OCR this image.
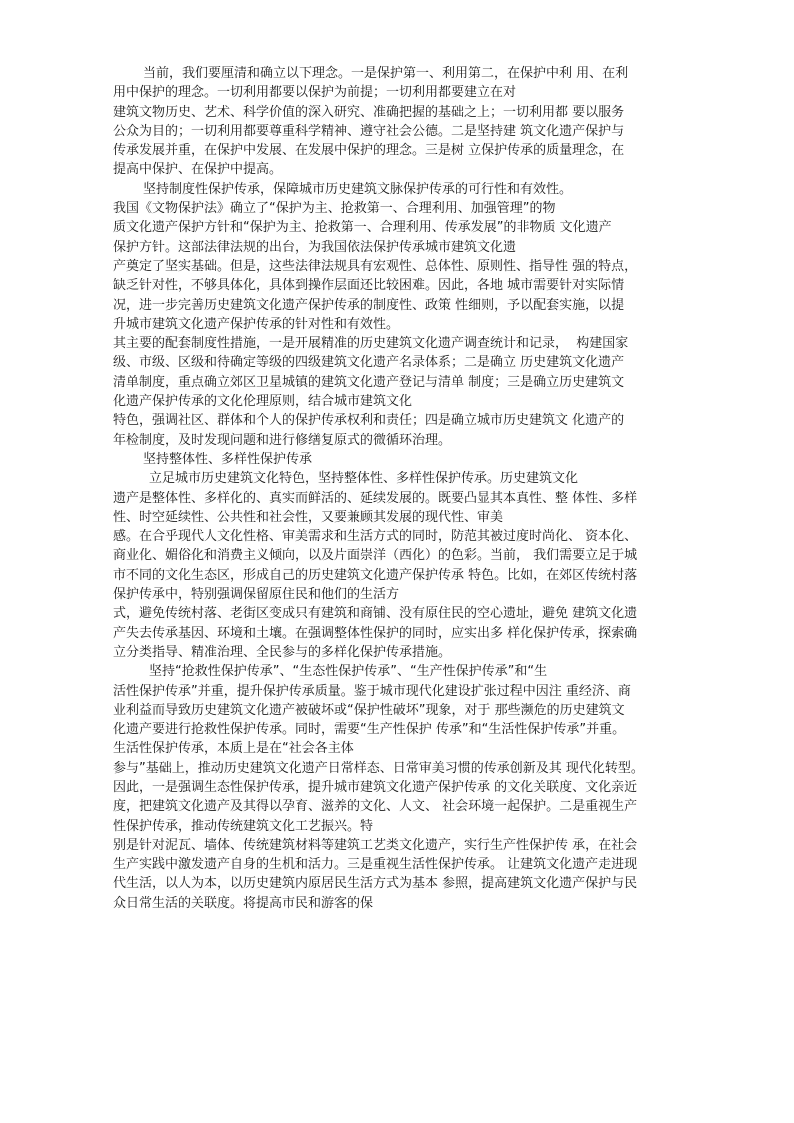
当前，我们要厘清和确立以下理念。一是保护第一、利用第二，在保护中利 用、在利
用中保护的理念。一切利用都要以保护为前提；一切利用都要建立在对
建筑文物历史、艺术、科学价值的深入研究、准确把握的基础之上；一切利用都 要以服务
公众为目的；一切利用都要尊重科学精神、遵守社会公德。二是坚持建 筑文化遗产保护与
传承发展并重，在保护中发展、在发展中保护的理念。三是树 立保护传承的质量理念，在
提高中保护、在保护中提高。
坚持制度性保护传承，保障城市历史建筑文脉保护传承的可行性和有效性。
我国《文物保护法》确立了“保护为主、抢救第一、合理利用、加强管理”的物
质文化遗产保护方针和“保护为主、抢救第一、合理利用、传承发展”的非物质 文化遗产
保护方针。这部法律法规的出台，为我国依法保护传承城市建筑文化遗
产奠定了坚实基础。但是，这些法律法规具有宏观性、总体性、原则性、指导性 强的特点，
缺乏针对性，不够具体化，具体到操作层面还比较困难。因此，各地 城市需要针对实际情
况，进一步完善历史建筑文化遗产保护传承的制度性、政策 性细则，予以配套实施，以提
升城市建筑文化遗产保护传承的针对性和有效性。
其主要的配套制度性措施，一是开展精准的历史建筑文化遗产调查统计和记录，  构建国家
级、市级、区级和待确定等级的四级建筑文化遗产名录体系；二是确立 历史建筑文化遗产
清单制度，重点确立郊区卫星城镇的建筑文化遗产登记与清单 制度；三是确立历史建筑文
化遗产保护传承的文化伦理原则，结合城市建筑文化
特色，强调社区、群体和个人的保护传承权利和责任；四是确立城市历史建筑文 化遗产的
年检制度，及时发现问题和进行修缮复原式的微循环治理。
坚持整体性、多样性保护传承
立足城市历史建筑文化特色，坚持整体性、多样性保护传承。历史建筑文化
遗产是整体性、多样化的、真实而鲜活的、延续发展的。既要凸显其本真性、整 体性、多样
性、时空延续性、公共性和社会性，又要兼顾其发展的现代性、审美
感。在合乎现代人文化性格、审美需求和生活方式的同时，防范其被过度时尚化、 资本化、
商业化、媚俗化和消费主义倾向，以及片面崇洋（西化）的色彩。当前， 我们需要立足于城
市不同的文化生态区，形成自己的历史建筑文化遗产保护传承 特色。比如，在郊区传统村落
保护传承中，特别强调保留原住民和他们的生活方
式，避免传统村落、老街区变成只有建筑和商铺、没有原住民的空心遗址，避免 建筑文化遗
产失去传承基因、环境和土壤。在强调整体性保护的同时，应实出多 样化保护传承，探索确
立分类指导、精准治理、全民参与的多样化保护传承措施。
坚持“抢救性保护传承”、“生态性保护传承”、“生产性保护传承”和“生
活性保护传承”并重，提升保护传承质量。鉴于城市现代化建设扩张过程中因注 重经济、商
业利益而导致历史建筑文化遗产被破坏或“保护性破坏”现象，对于 那些濒危的历史建筑文
化遗产要进行抢救性保护传承。同时，需要“生产性保护 传承”和“生活性保护传承”并重。
生活性保护传承，本质上是在“社会各主体
参与”基础上，推动历史建筑文化遗产日常样态、日常审美习惯的传承创新及其 现代化转型。
因此，一是强调生态性保护传承，提升城市建筑文化遗产保护传承 的文化关联度、文化亲近
度，把建筑文化遗产及其得以孕育、滋养的文化、人文、 社会环境一起保护。二是重视生产
性保护传承，推动传统建筑文化工艺振兴。特
别是针对泥瓦、墙体、传统建筑材料等建筑工艺类文化遗产，实行生产性保护传 承，在社会
生产实践中激发遗产自身的生机和活力。三是重视生活性保护传承。 让建筑文化遗产走进现
代生活，以人为本，以历史建筑内原居民生活方式为基本 参照，提高建筑文化遗产保护与民
众日常生活的关联度。将提高市民和游客的保
